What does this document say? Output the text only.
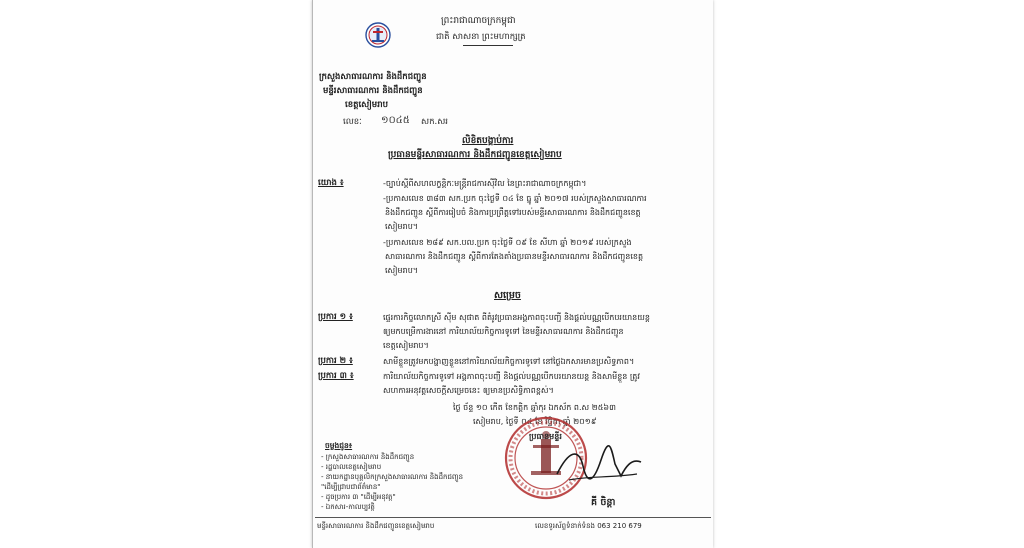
ព្រះរាជាណាចក្រកម្ពុជា
ជាតិ សាសនា ព្រះមហាក្សត្រ
ក្រសួងសាធារណការ និងដឹកជញ្ជូន
មន្ទីរសាធារណការ និងដឹកជញ្ជូន
ខេត្តសៀមរាប
លេខៈ ១០៤៥ សក.សរ
លិខិតបង្គាប់ការ
ប្រធានមន្ទីរសាធារណការ និងដឹកជញ្ជូនខេត្តសៀមរាប
យោង ៖	-ច្បាប់ស្តីពីសហលក្ខន្តិកៈមន្ត្រីរាជការស៊ីវិល នៃព្រះរាជាណាចក្រកម្ពុជា។
-ប្រកាសលេខ ៣៨៣ សក.ប្រក ចុះថ្ងៃទី ០៤ ខែ ធ្នូ ឆ្នាំ ២០១៧ របស់ក្រសួងសាធារណការ
និងដឹកជញ្ជូន ស្តីពីការរៀបចំ និងការប្រព្រឹត្តទៅរបស់មន្ទីរសាធារណការ និងដឹកជញ្ជូនខេត្ត
សៀមរាប។
-ប្រកាសលេខ ២៨៩ សក.បល.ប្រក ចុះថ្ងៃទី ០៩ ខែ សីហា ឆ្នាំ ២០១៩ របស់ក្រសួង
សាធារណការ និងដឹកជញ្ជូន ស្តីពីការតែងតាំងប្រធានមន្ទីរសាធារណការ និងដឹកជញ្ជូនខេត្ត
សៀមរាប។
សម្រេច
ប្រការ ១ ៖	ផ្ទេរការកិច្ចលោកស្រី ស៊ីម សុផាត ពីតំរូវប្រធានអង្គភាពចុះបញ្ជី និងផ្តល់បណ្ណបើកបរយានយន្ត
ឲ្យមកបម្រើការងារនៅ ការិយាល័យកិច្ចការទូទៅ នៃមន្ទីរសាធារណការ និងដឹកជញ្ជូន
ខេត្តសៀមរាប។
ប្រការ ២ ៖	សាមីខ្លួនត្រូវមកបង្ហាញខ្លួននៅការិយាល័យកិច្ចការទូទៅ នៅថ្ងៃឯកសារមានប្រសិទ្ធភាព។
ប្រការ ៣ ៖	ការិយាល័យកិច្ចការទូទៅ អង្គភាពចុះបញ្ជី និងផ្តល់បណ្ណបើកបរយានយន្ត និងសាមីខ្លួន ត្រូវ
សហការអនុវត្តសេចក្តីសម្រេចនេះ ឲ្យមានប្រសិទ្ធិភាពខ្ពស់។
ថ្ងៃ ច័ន្ទ ១០ កើត ខែកត្តិក ឆ្នាំកុរ ឯកស័ក ព.ស ២៥៦៣
សៀមរាប, ថ្ងៃទី ០៤ ខែ វិច្ឆិកា ឆ្នាំ ២០១៩
ប្រធានមន្ទីរ
គី ចិន្តា
ចម្លងជូន៖
- ក្រសួងសាធារណការ និងដឹកជញ្ជូន
- រដ្ឋបាលខេត្តសៀមរាប
- នាយកដ្ឋានបុគ្គលិកក្រសួងសាធារណការ និងដឹកជញ្ជូន
"ដើម្បីជ្រាបជាព័ត៌មាន"
- ដូចប្រការ ៣ "ដើម្បីអនុវត្ត"
- ឯកសារ-កាលប្បវត្តិ
មន្ទីរសាធារណការ និងដឹកជញ្ជូនខេត្តសៀមរាប	លេខទូរស័ព្ទទំនាក់ទំនង 063 210 679
